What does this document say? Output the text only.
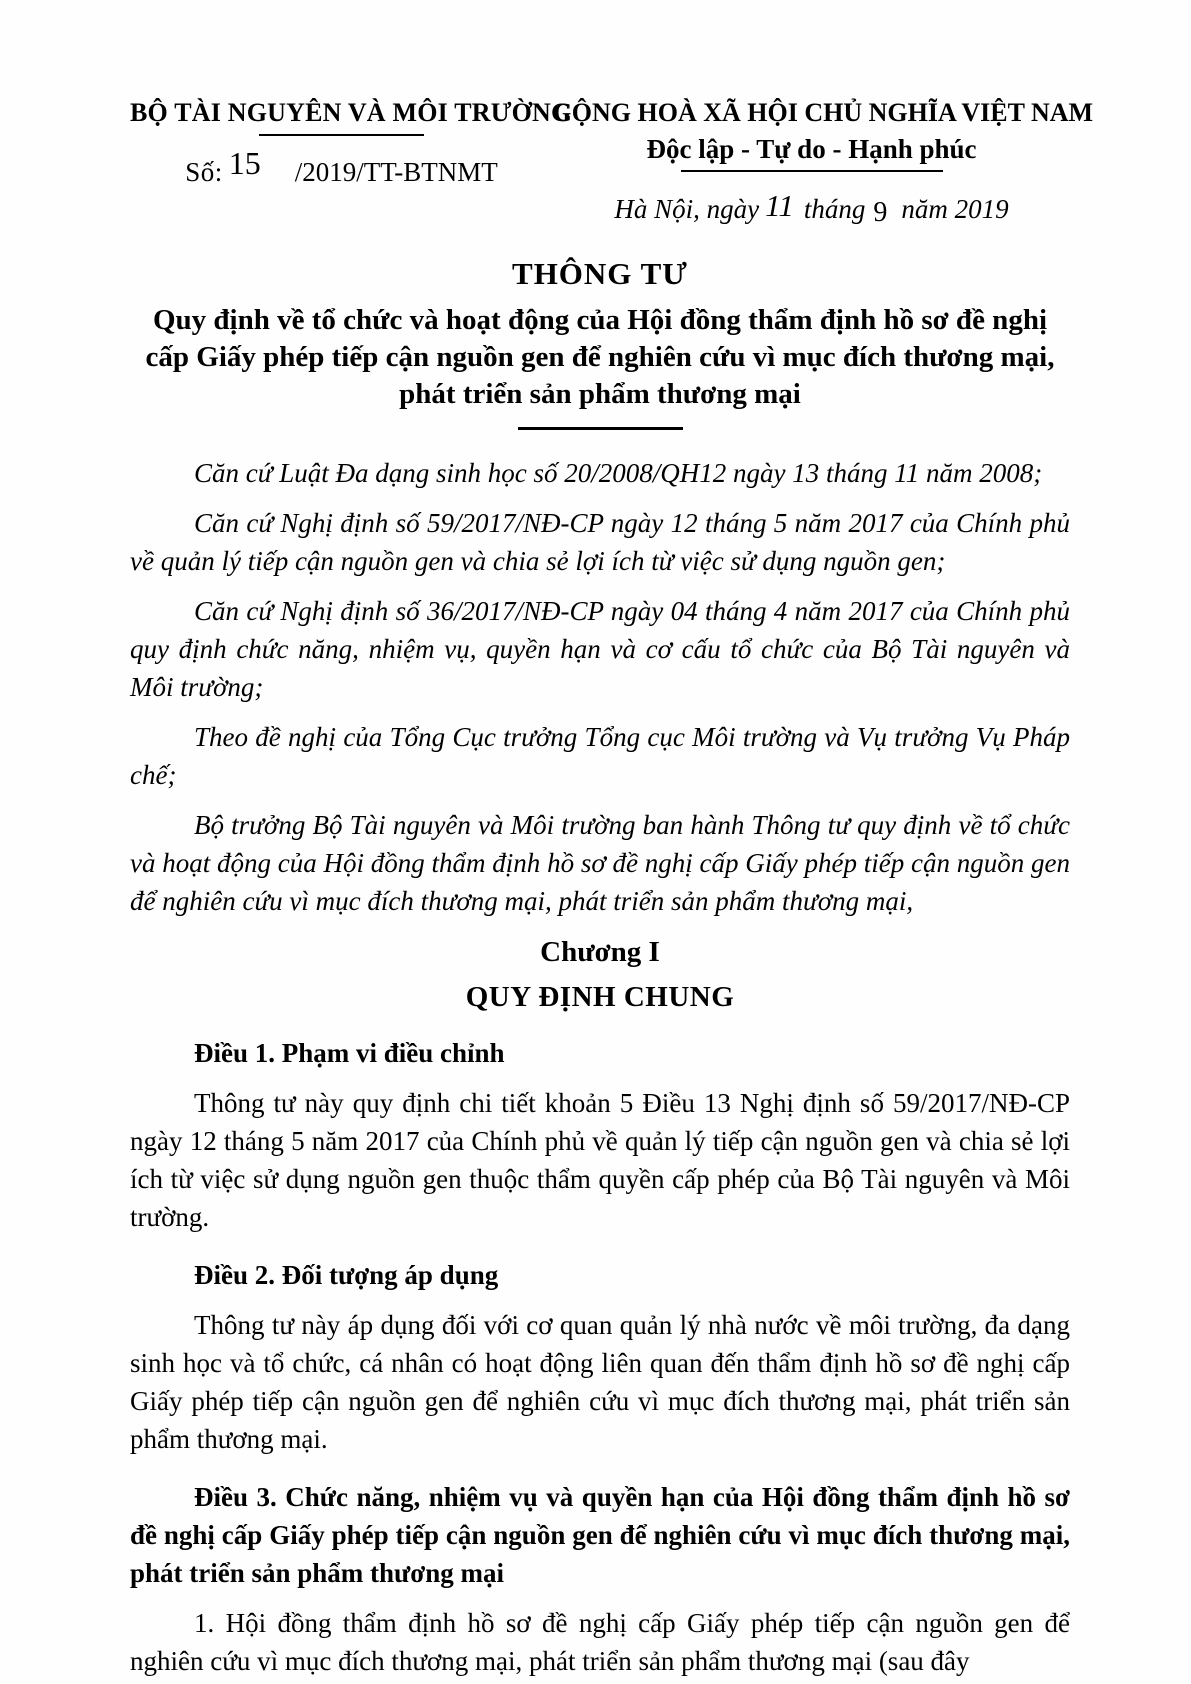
BỘ TÀI NGUYÊN VÀ MÔI TRƯỜNG
Số: 15 /2019/TT-BTNMT
CỘNG HOÀ XÃ HỘI CHỦ NGHĨA VIỆT NAM
Độc lập - Tự do - Hạnh phúc
Hà Nội, ngày 11 tháng 9 năm 2019
THÔNG TƯ
Quy định về tổ chức và hoạt động của Hội đồng thẩm định hồ sơ đề nghị cấp Giấy phép tiếp cận nguồn gen để nghiên cứu vì mục đích thương mại, phát triển sản phẩm thương mại

Căn cứ Luật Đa dạng sinh học số 20/2008/QH12 ngày 13 tháng 11 năm 2008;

Căn cứ Nghị định số 59/2017/NĐ-CP ngày 12 tháng 5 năm 2017 của Chính phủ về quản lý tiếp cận nguồn gen và chia sẻ lợi ích từ việc sử dụng nguồn gen;

Căn cứ Nghị định số 36/2017/NĐ-CP ngày 04 tháng 4 năm 2017 của Chính phủ quy định chức năng, nhiệm vụ, quyền hạn và cơ cấu tổ chức của Bộ Tài nguyên và Môi trường;

Theo đề nghị của Tổng Cục trưởng Tổng cục Môi trường và Vụ trưởng Vụ Pháp chế;

Bộ trưởng Bộ Tài nguyên và Môi trường ban hành Thông tư quy định về tổ chức và hoạt động của Hội đồng thẩm định hồ sơ đề nghị cấp Giấy phép tiếp cận nguồn gen để nghiên cứu vì mục đích thương mại, phát triển sản phẩm thương mại,

Chương I
QUY ĐỊNH CHUNG
Điều 1. Phạm vi điều chỉnh

Thông tư này quy định chi tiết khoản 5 Điều 13 Nghị định số 59/2017/NĐ-CP ngày 12 tháng 5 năm 2017 của Chính phủ về quản lý tiếp cận nguồn gen và chia sẻ lợi ích từ việc sử dụng nguồn gen thuộc thẩm quyền cấp phép của Bộ Tài nguyên và Môi trường.

Điều 2. Đối tượng áp dụng

Thông tư này áp dụng đối với cơ quan quản lý nhà nước về môi trường, đa dạng sinh học và tổ chức, cá nhân có hoạt động liên quan đến thẩm định hồ sơ đề nghị cấp Giấy phép tiếp cận nguồn gen để nghiên cứu vì mục đích thương mại, phát triển sản phẩm thương mại.

Điều 3. Chức năng, nhiệm vụ và quyền hạn của Hội đồng thẩm định hồ sơ đề nghị cấp Giấy phép tiếp cận nguồn gen để nghiên cứu vì mục đích thương mại, phát triển sản phẩm thương mại

1. Hội đồng thẩm định hồ sơ đề nghị cấp Giấy phép tiếp cận nguồn gen để nghiên cứu vì mục đích thương mại, phát triển sản phẩm thương mại (sau đây
